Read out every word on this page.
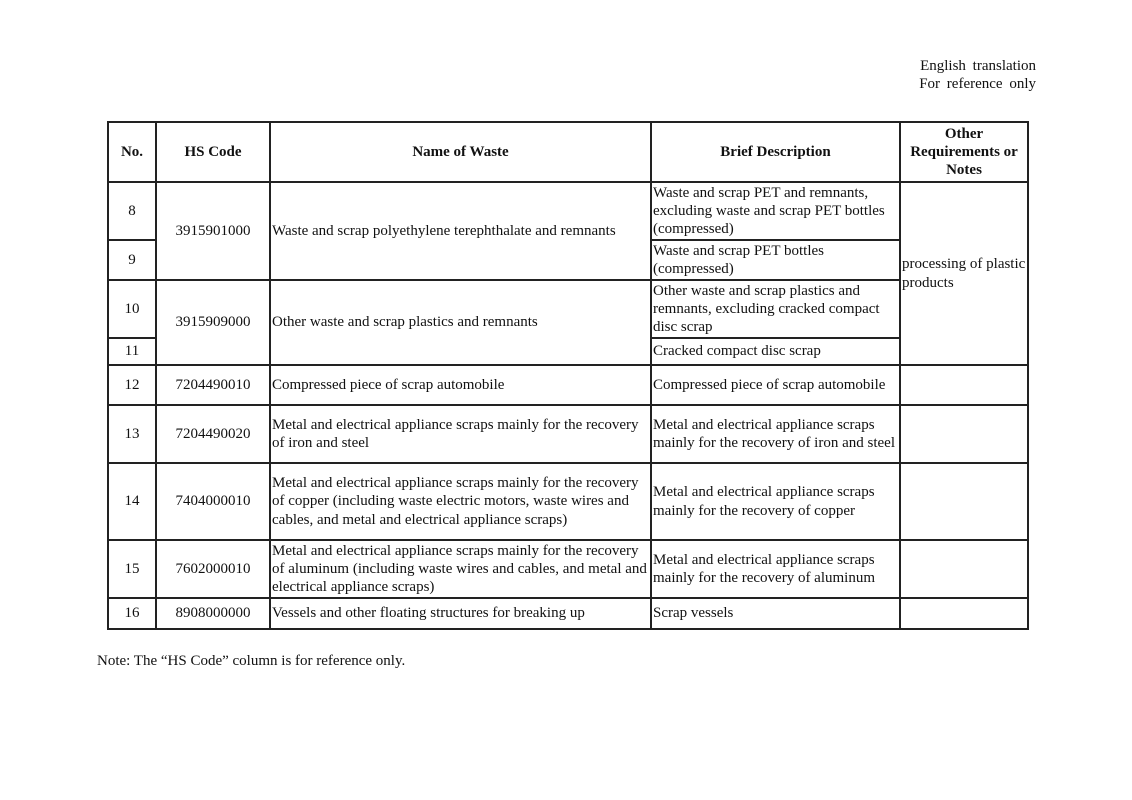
English translation
For reference only
No.	HS Code	Name of Waste	Brief Description	Other Requirements or Notes
8	3915901000	Waste and scrap polyethylene terephthalate and remnants	Waste and scrap PET and remnants, excluding waste and scrap PET bottles (compressed)	processing of plastic products
9			Waste and scrap PET bottles (compressed)	
10	3915909000	Other waste and scrap plastics and remnants	Other waste and scrap plastics and remnants, excluding cracked compact disc scrap	
11			Cracked compact disc scrap	
12	7204490010	Compressed piece of scrap automobile	Compressed piece of scrap automobile	
13	7204490020	Metal and electrical appliance scraps mainly for the recovery of iron and steel	Metal and electrical appliance scraps mainly for the recovery of iron and steel	
14	7404000010	Metal and electrical appliance scraps mainly for the recovery of copper (including waste electric motors, waste wires and cables, and metal and electrical appliance scraps)	Metal and electrical appliance scraps mainly for the recovery of copper	
15	7602000010	Metal and electrical appliance scraps mainly for the recovery of aluminum (including waste wires and cables, and metal and electrical appliance scraps)	Metal and electrical appliance scraps mainly for the recovery of aluminum	
16	8908000000	Vessels and other floating structures for breaking up	Scrap vessels	
Note: The “HS Code” column is for reference only.
